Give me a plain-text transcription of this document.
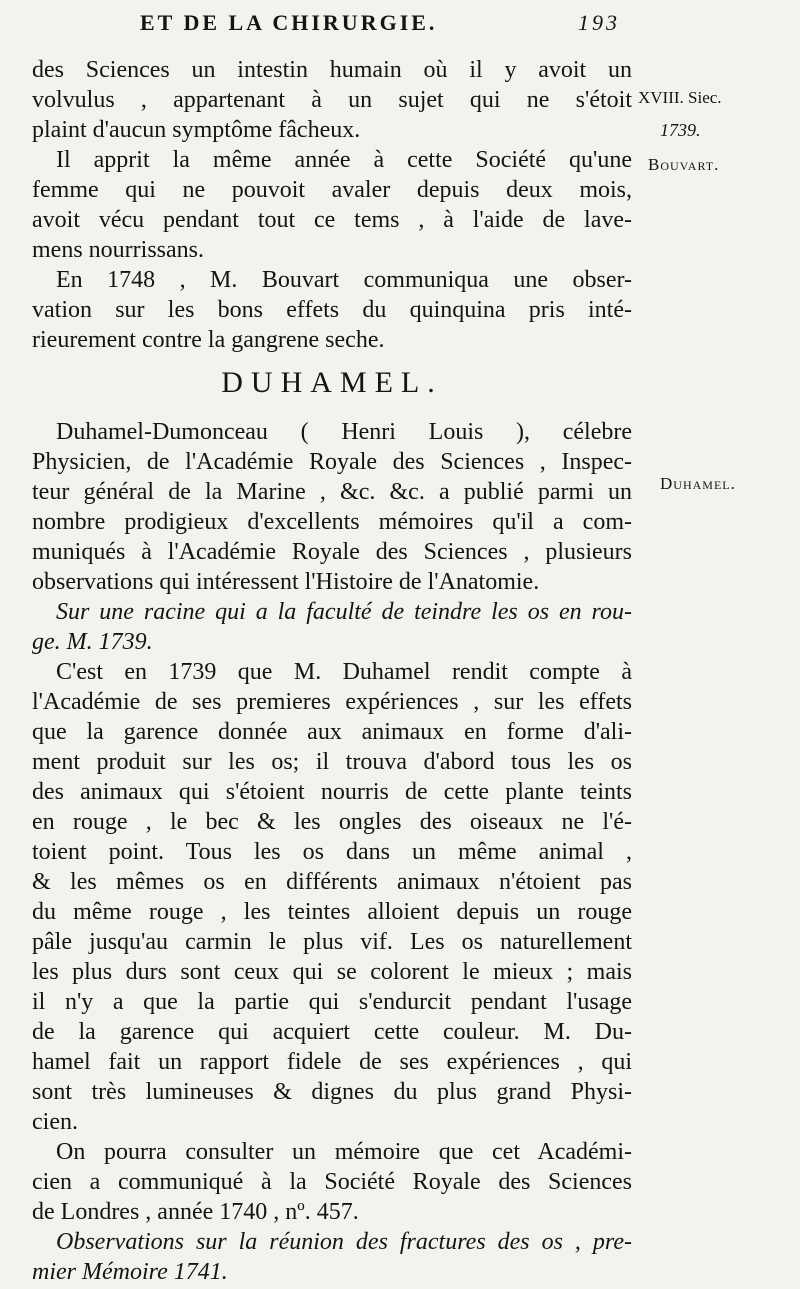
ET DE LA CHIRURGIE.	193
XVIII. Siec.
1739.
Bouvart.
Duhamel.
des Sciences un intestin humain où il y avoit un
volvulus , appartenant à un sujet qui ne s'étoit
plaint d'aucun symptôme fâcheux.
Il apprit la même année à cette Société qu'une
femme qui ne pouvoit avaler depuis deux mois,
avoit vécu pendant tout ce tems , à l'aide de lave-
mens nourrissans.
En 1748 , M. Bouvart communiqua une obser-
vation sur les bons effets du quinquina pris inté-
rieurement contre la gangrene seche.
DUHAMEL.
Duhamel-Dumonceau ( Henri Louis ), célebre
Physicien, de l'Académie Royale des Sciences , Inspec-
teur général de la Marine , &c. &c. a publié parmi un
nombre prodigieux d'excellents mémoires qu'il a com-
muniqués à l'Académie Royale des Sciences , plusieurs
observations qui intéressent l'Histoire de l'Anatomie.
Sur une racine qui a la faculté de teindre les os en rou-
ge. M. 1739.
C'est en 1739 que M. Duhamel rendit compte à
l'Académie de ses premieres expériences , sur les effets
que la garence donnée aux animaux en forme d'ali-
ment produit sur les os; il trouva d'abord tous les os
des animaux qui s'étoient nourris de cette plante teints
en rouge , le bec & les ongles des oiseaux ne l'é-
toient point. Tous les os dans un même animal ,
& les mêmes os en différents animaux n'étoient pas
du même rouge , les teintes alloient depuis un rouge
pâle jusqu'au carmin le plus vif. Les os naturellement
les plus durs sont ceux qui se colorent le mieux ; mais
il n'y a que la partie qui s'endurcit pendant l'usage
de la garence qui acquiert cette couleur. M. Du-
hamel fait un rapport fidele de ses expériences , qui
sont très lumineuses & dignes du plus grand Physi-
cien.
On pourra consulter un mémoire que cet Académi-
cien a communiqué à la Société Royale des Sciences
de Londres , année 1740 , nº. 457.
Observations sur la réunion des fractures des os , pre-
mier Mémoire 1741.
